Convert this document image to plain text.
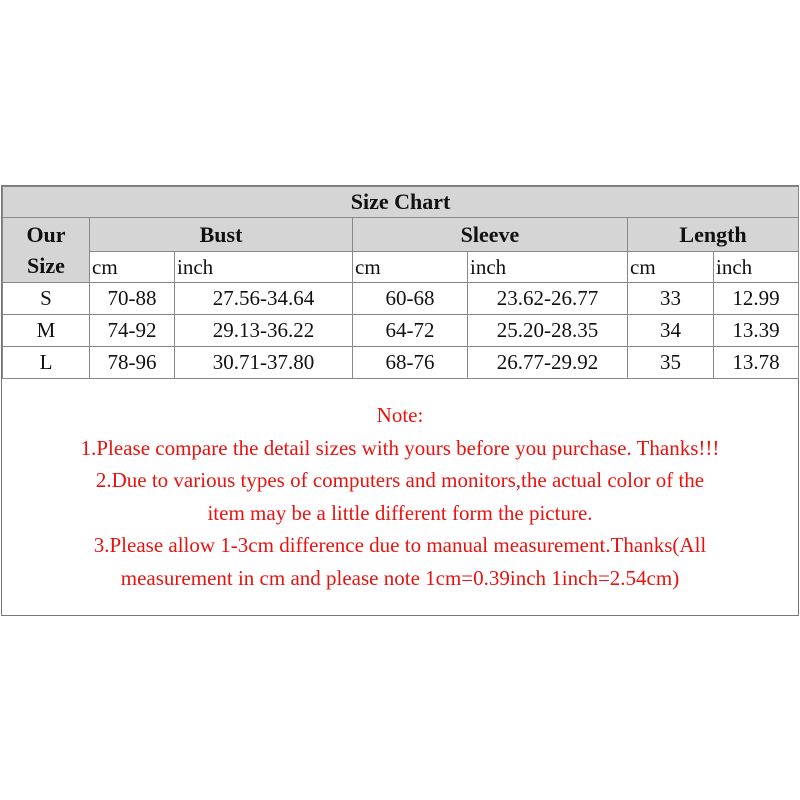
Size Chart						
Our
Size	Bust		Sleeve		Length	
	cm	inch	cm	inch	cm	inch
S	70-88	27.56-34.64	60-68	23.62-26.77	33	12.99
M	74-92	29.13-36.22	64-72	25.20-28.35	34	13.39
L	78-96	30.71-37.80	68-76	26.77-29.92	35	13.78
Note:
1.Please compare the detail sizes with yours before you purchase. Thanks!!!
2.Due to various types of computers and monitors,the actual color of the
item may be a little different form the picture.
3.Please allow 1-3cm difference due to manual measurement.Thanks(All
measurement in cm and please note 1cm=0.39inch 1inch=2.54cm)
